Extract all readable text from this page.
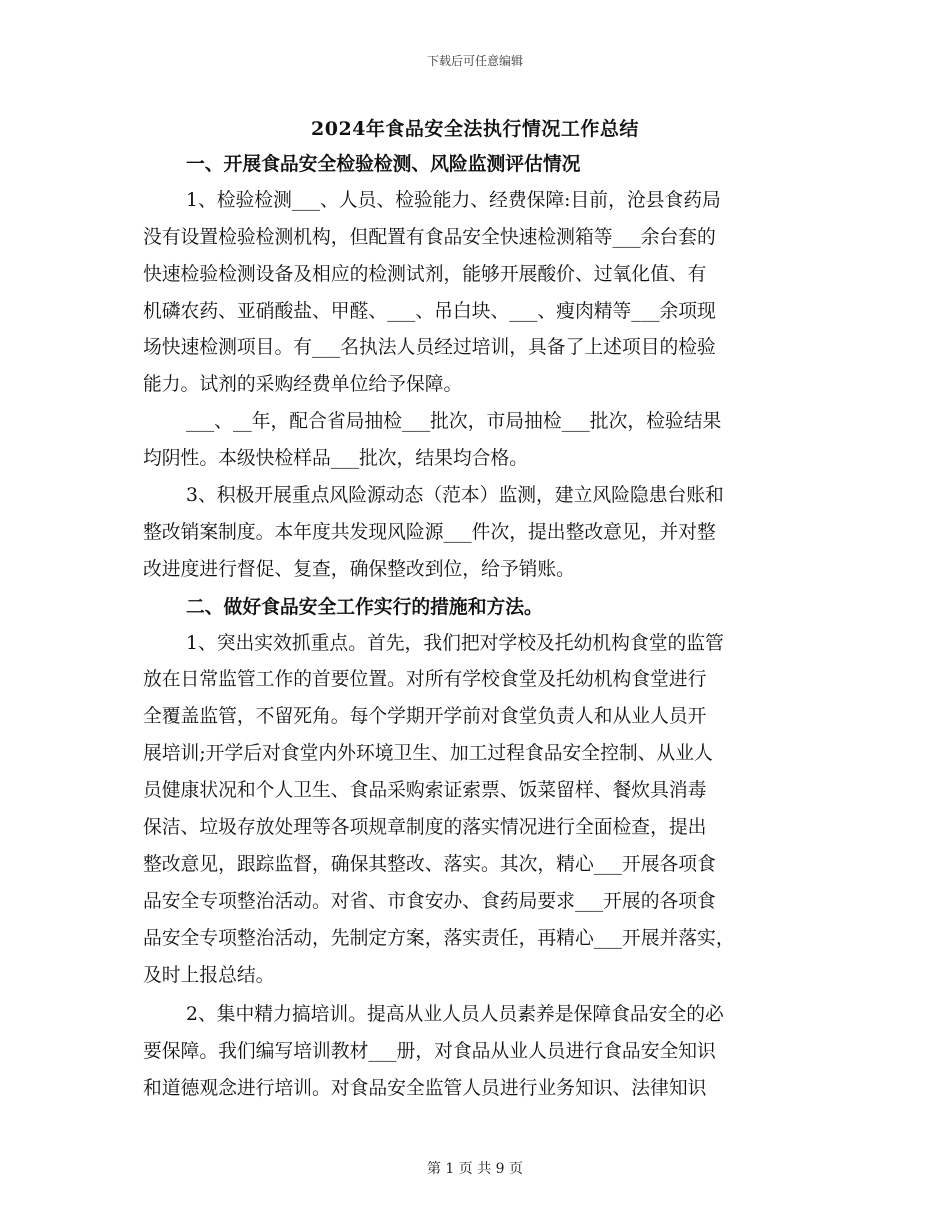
下载后可任意编辑
2024年食品安全法执行情况工作总结
一、开展食品安全检验检测、风险监测评估情况
1、检验检测___、人员、检验能力、经费保障:目前，沧县食药局
没有设置检验检测机构，但配置有食品安全快速检测箱等___余台套的
快速检验检测设备及相应的检测试剂，能够开展酸价、过氧化值、有
机磷农药、亚硝酸盐、甲醛、___、吊白块、___、瘦肉精等___余项现
场快速检测项目。有___名执法人员经过培训，具备了上述项目的检验
能力。试剂的采购经费单位给予保障。
___、__年，配合省局抽检___批次，市局抽检___批次，检验结果
均阴性。本级快检样品___批次，结果均合格。
3、积极开展重点风险源动态（范本）监测，建立风险隐患台账和
整改销案制度。本年度共发现风险源___件次，提出整改意见，并对整
改进度进行督促、复查，确保整改到位，给予销账。
二、做好食品安全工作实行的措施和方法。
1、突出实效抓重点。首先，我们把对学校及托幼机构食堂的监管
放在日常监管工作的首要位置。对所有学校食堂及托幼机构食堂进行
全覆盖监管，不留死角。每个学期开学前对食堂负责人和从业人员开
展培训;开学后对食堂内外环境卫生、加工过程食品安全控制、从业人
员健康状况和个人卫生、食品采购索证索票、饭菜留样、餐炊具消毒
保洁、垃圾存放处理等各项规章制度的落实情况进行全面检查，提出
整改意见，跟踪监督，确保其整改、落实。其次，精心___开展各项食
品安全专项整治活动。对省、市食安办、食药局要求___开展的各项食
品安全专项整治活动，先制定方案，落实责任，再精心___开展并落实，
及时上报总结。
2、集中精力搞培训。提高从业人员人员素养是保障食品安全的必
要保障。我们编写培训教材___册，对食品从业人员进行食品安全知识
和道德观念进行培训。对食品安全监管人员进行业务知识、法律知识
第 1 页 共 9 页
